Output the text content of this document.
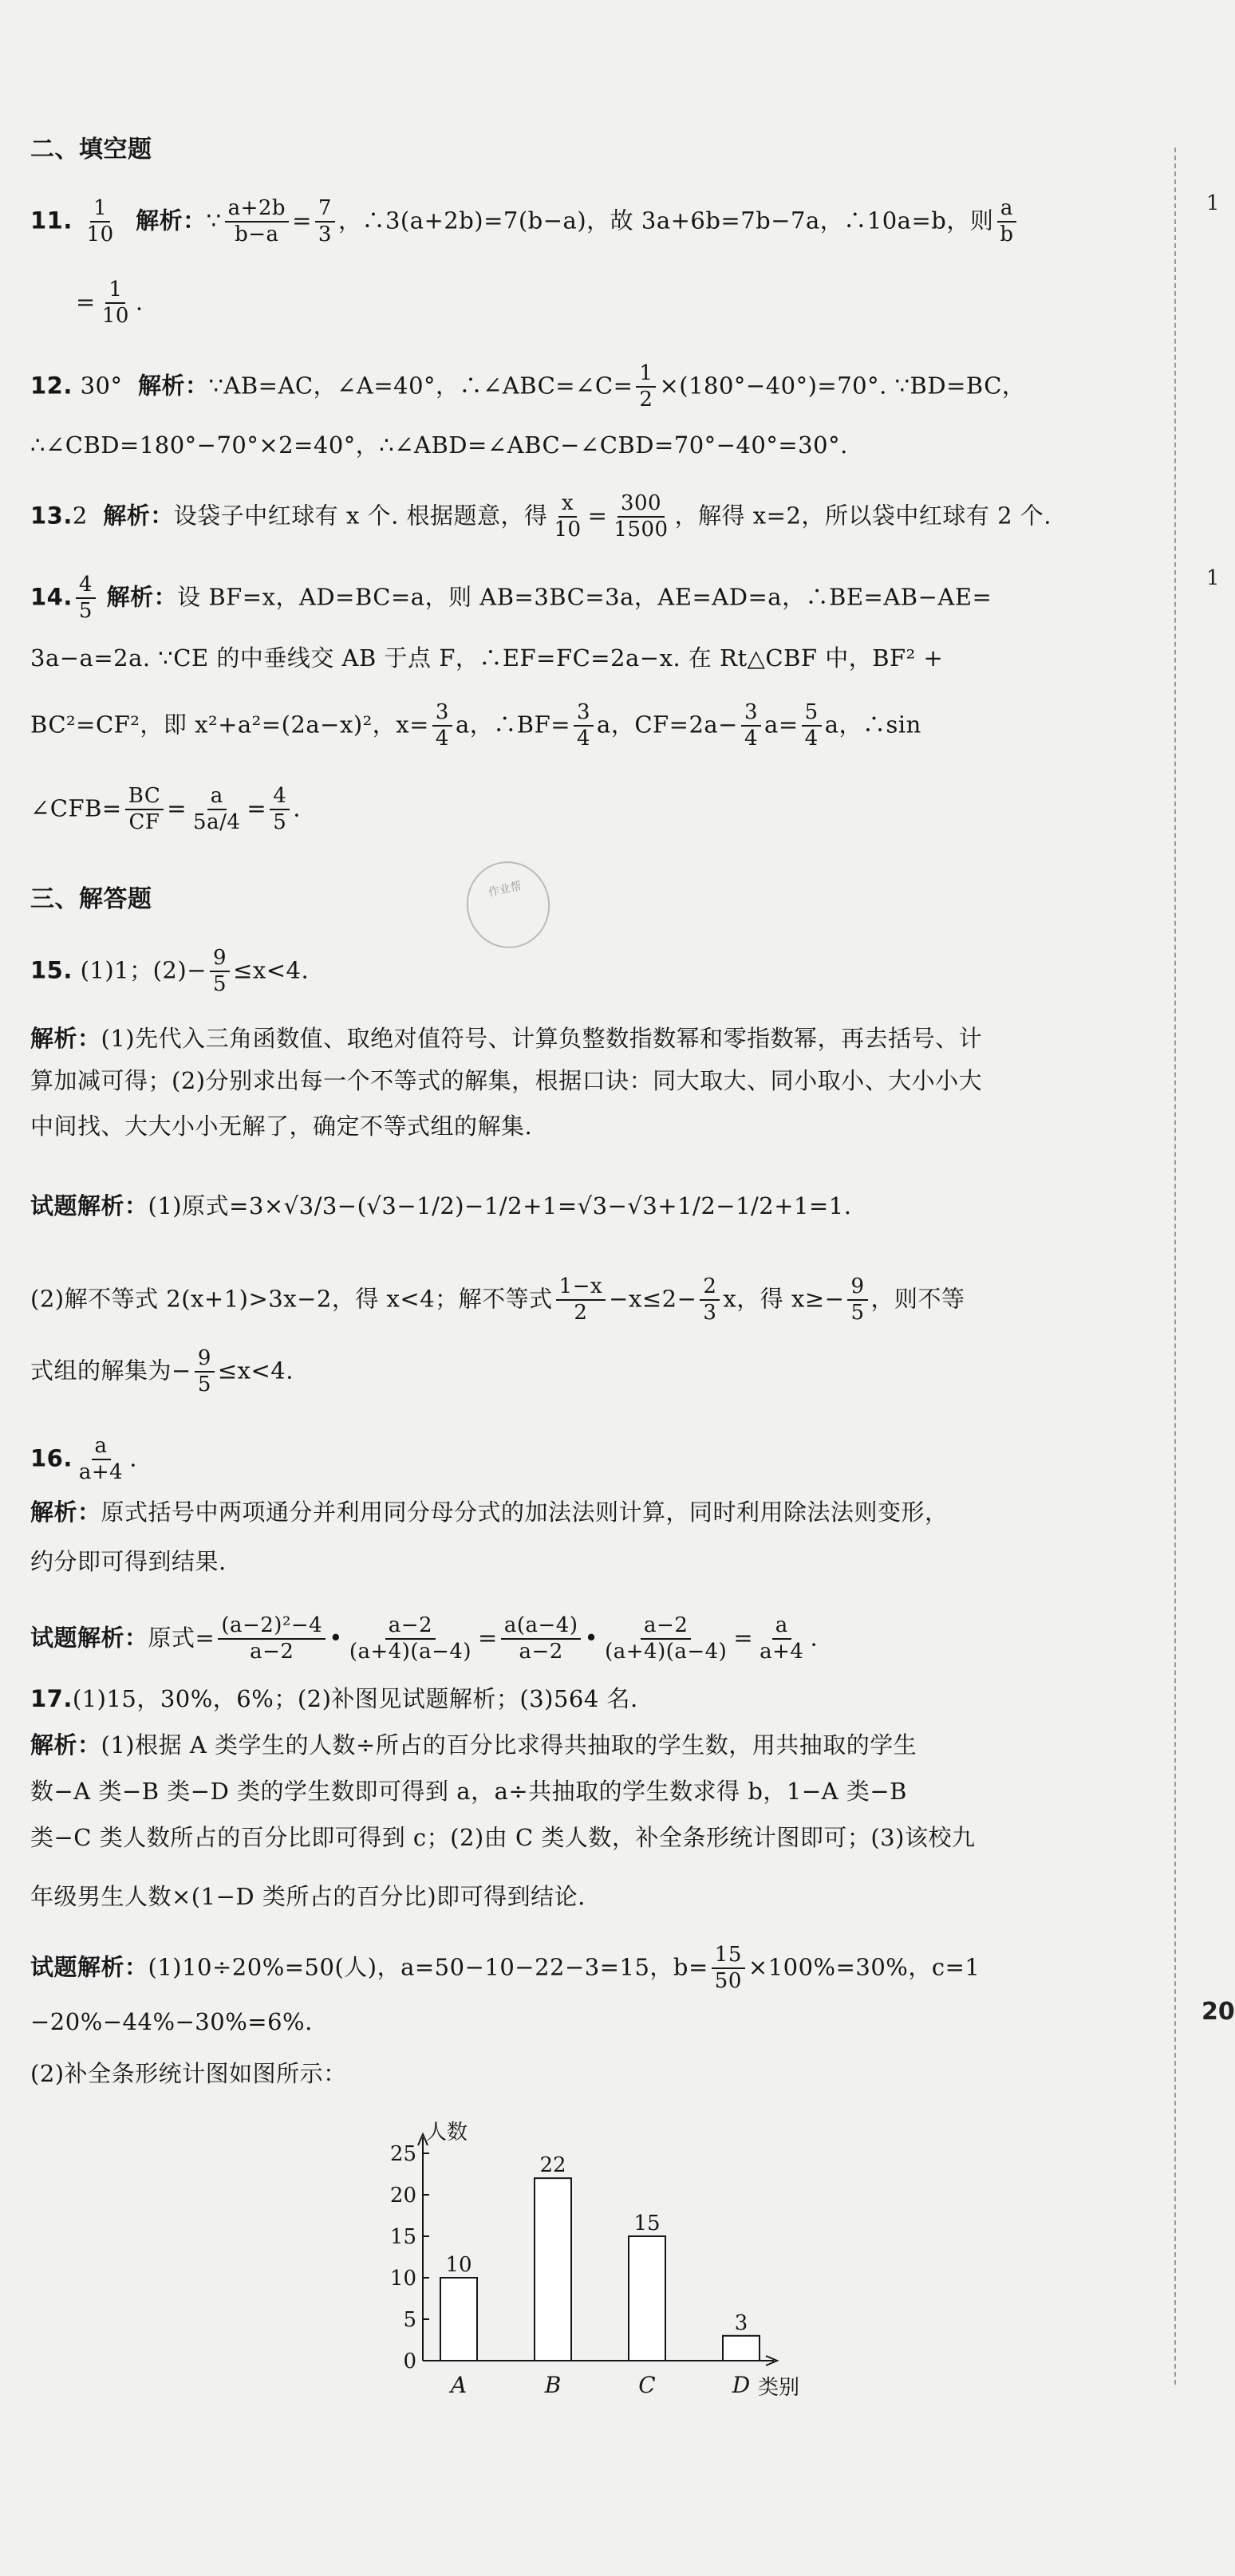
1
1
20

作业帮
二、填空题
11. $\frac{1}{10}$ 解析：∵ $\frac{a+2b}{b-a} = \frac{7}{3}$ ，∴3(a+2b)=7(b−a)，故 3a+6b=7b−7a，∴10a=b，则 $\frac{a}{b}$
= $\frac{1}{10}$ .
12. 30° 解析：∵AB=AC，∠A=40°，∴∠ABC=∠C= $\frac{1}{2} \times(180^\circ-40^\circ)=70^\circ$. ∵BD=BC，
∴∠CBD=180°−70°×2=40°，∴∠ABD=∠ABC−∠CBD=70°−40°=30°.
13.2 解析：设袋子中红球有 x 个. 根据题意，得 $\frac{x}{10} = \frac{300}{1500}$ ，解得 x=2，所以袋中红球有 2 个.
14. $\frac{4}{5}$ 解析：设 BF=x，AD=BC=a，则 AB=3BC=3a，AE=AD=a，∴BE=AB−AE=
3a−a=2a. ∵CE 的中垂线交 AB 于点 F，∴EF=FC=2a−x. 在 Rt△CBF 中，BF² +
BC²=CF²，即 x²+a²=(2a−x)²，$x= \frac{3}{4}$ a，∴BF= $\frac{3}{4}$ a，$CF=2a- \frac{3}{4} a= \frac{5}{4}$ a，∴sin
∠CFB= $\frac{BC}{CF} = \frac{a}{5a/4} = \frac{4}{5}$ .
三、解答题
15. (1)1；$(2)- \frac{9}{5} \le x<4$.
解析：(1)先代入三角函数值、取绝对值符号、计算负整数指数幂和零指数幂，再去括号、计
算加减可得；(2)分别求出每一个不等式的解集，根据口诀：同大取大、同小取小、大小小大
中间找、大大小小无解了，确定不等式组的解集.
试题解析：(1)原式=3×√3/3−(√3−1/2)−1/2+1=√3−√3+1/2−1/2+1=1.
(2)解不等式 2(x+1)>3x−2，得 x<4；解不等式 $\frac{1-x}{2} -x\le 2- \frac{2}{3}$ x，得 $x\ge- \frac{9}{5}$ ，则不等
式组的解集为− $\frac{9}{5} \le x<4$.
16. $\frac{a}{a+4}$ .
解析：原式括号中两项通分并利用同分母分式的加法法则计算，同时利用除法法则变形，
约分即可得到结果.
试题解析：原式= $\frac{\text{(a−2)²−4}}{a-2}$ • $\frac{a-2}{(a+4)(a-4)} = \frac{a(a-4)}{a-2}$ • $\frac{a-2}{(a+4)(a-4)} = \frac{a}{a+4}$ .
17.(1)15，30%，6%；(2)补图见试题解析；(3)564 名.
解析：(1)根据 A 类学生的人数÷所占的百分比求得共抽取的学生数，用共抽取的学生
数−A 类−B 类−D 类的学生数即可得到 a，a÷共抽取的学生数求得 b，1−A 类−B
类−C 类人数所占的百分比即可得到 c；(2)由 C 类人数，补全条形统计图即可；(3)该校九
年级男生人数×(1−D 类所占的百分比)即可得到结论.
试题解析：(1)10÷20%=50(人)，a=50−10−22−3=15，$b= \frac{15}{50} \times 100\%=30\%$，c=1
−20%−44%−30%=6%.
(2)补全条形统计图如图所示：
0
5
10
15
20
25
人数
类别
10
A
22
B
15
C
3
D
